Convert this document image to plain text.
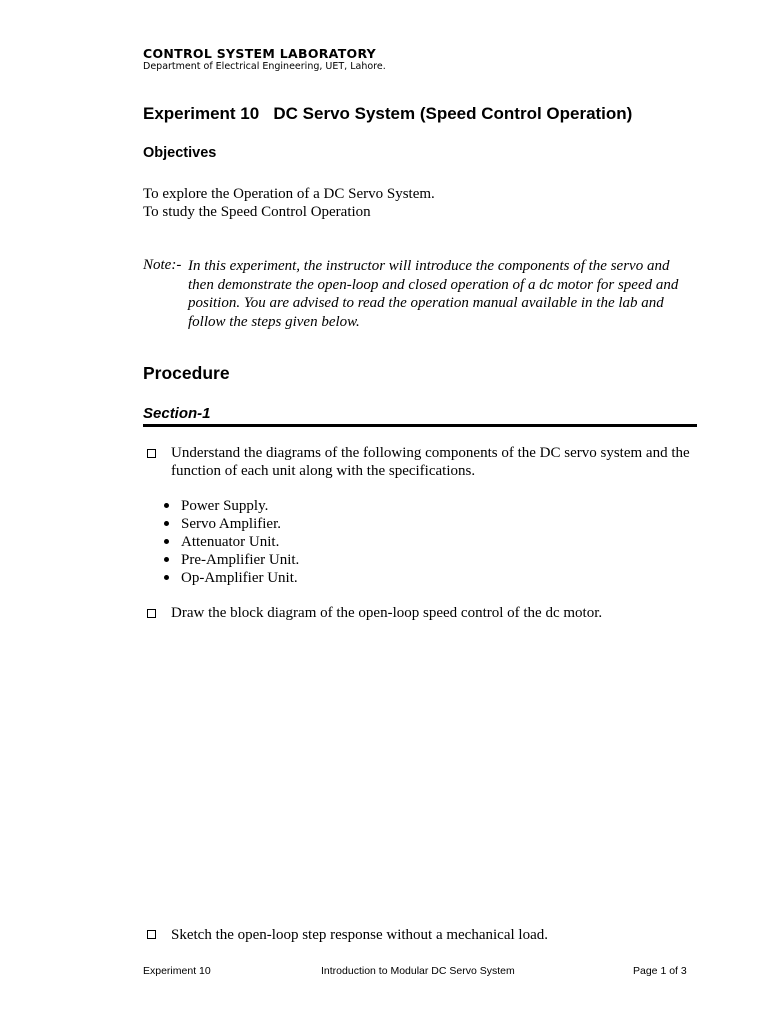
CONTROL SYSTEM LABORATORY
Department of Electrical Engineering, UET, Lahore.
Experiment 10   DC Servo System (Speed Control Operation)
Objectives
To explore the Operation of a DC Servo System.
To study the Speed Control Operation
Note:- In this experiment, the instructor will introduce the components of the servo and then demonstrate the open-loop and closed operation of a dc motor for speed and position. You are advised to read the operation manual available in the lab and follow the steps given below.
Procedure
Section-1
Understand the diagrams of the following components of the DC servo system and the function of each unit along with the specifications.
Power Supply.
Servo Amplifier.
Attenuator Unit.
Pre-Amplifier Unit.
Op-Amplifier Unit.
Draw the block diagram of the open-loop speed control of the dc motor.
Sketch the open-loop step response without a mechanical load.
Experiment 10	Introduction to Modular DC Servo System	Page 1 of 3
